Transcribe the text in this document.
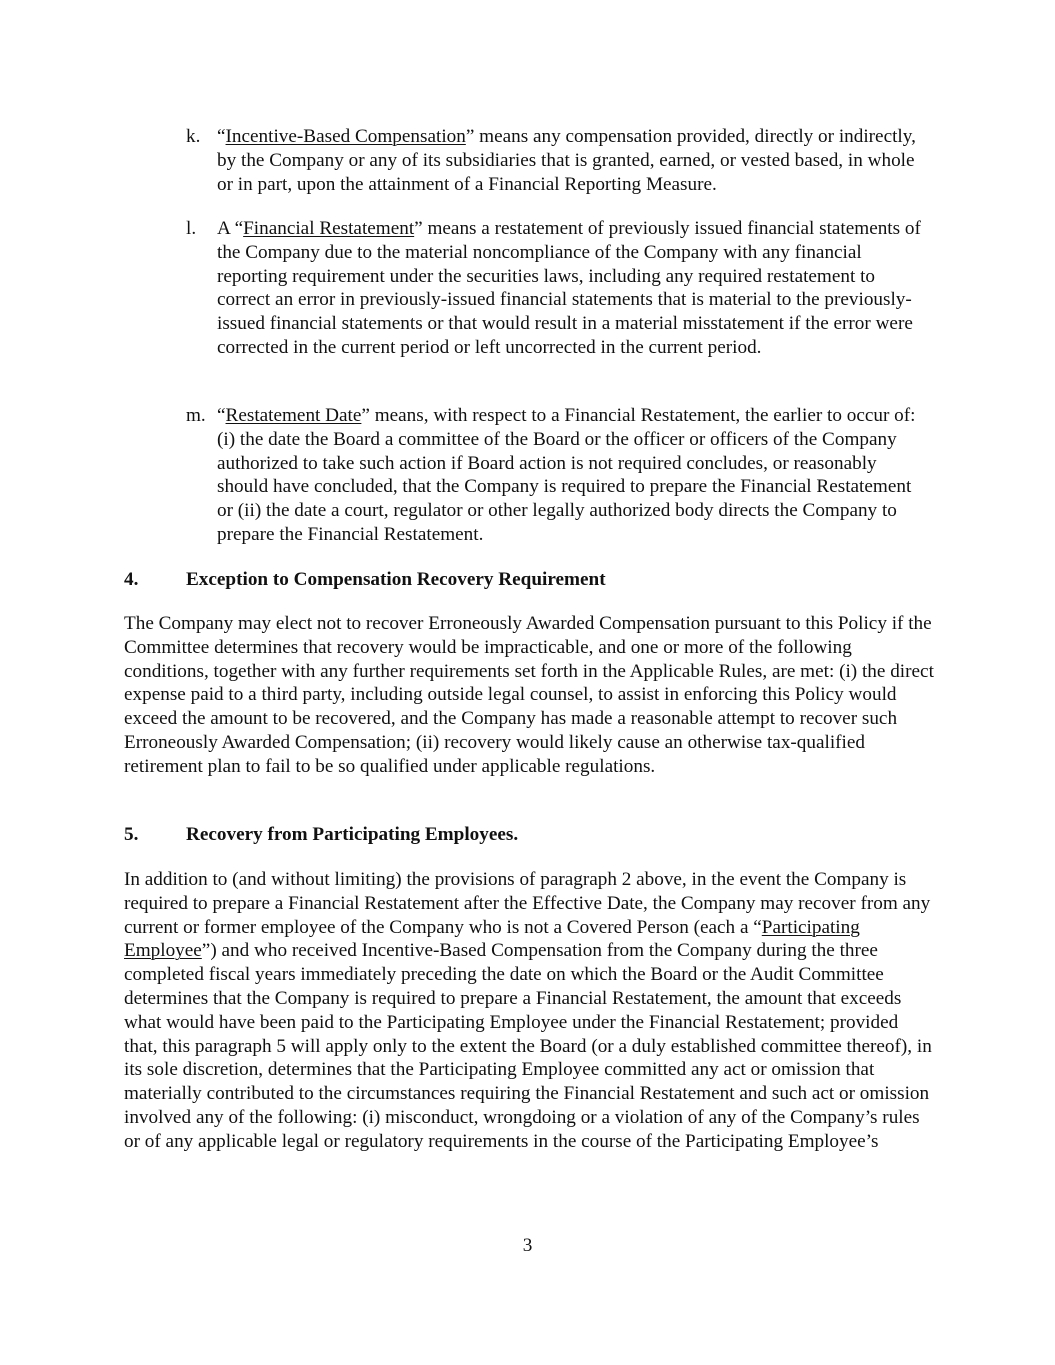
k. “Incentive-Based Compensation” means any compensation provided, directly or indirectly, by the Company or any of its subsidiaries that is granted, earned, or vested based, in whole or in part, upon the attainment of a Financial Reporting Measure.
l.	A “Financial Restatement” means a restatement of previously issued financial statements of the Company due to the material noncompliance of the Company with any financial reporting requirement under the securities laws, including any required restatement to correct an error in previously-issued financial statements that is material to the previously-issued financial statements or that would result in a material misstatement if the error were corrected in the current period or left uncorrected in the current period.
m. “Restatement Date” means, with respect to a Financial Restatement, the earlier to occur of: (i) the date the Board a committee of the Board or the officer or officers of the Company authorized to take such action if Board action is not required concludes, or reasonably should have concluded, that the Company is required to prepare the Financial Restatement or (ii) the date a court, regulator or other legally authorized body directs the Company to prepare the Financial Restatement.
4. Exception to Compensation Recovery Requirement
The Company may elect not to recover Erroneously Awarded Compensation pursuant to this Policy if the Committee determines that recovery would be impracticable, and one or more of the following conditions, together with any further requirements set forth in the Applicable Rules, are met: (i) the direct expense paid to a third party, including outside legal counsel, to assist in enforcing this Policy would exceed the amount to be recovered, and the Company has made a reasonable attempt to recover such Erroneously Awarded Compensation; (ii) recovery would likely cause an otherwise tax-qualified retirement plan to fail to be so qualified under applicable regulations.
5. Recovery from Participating Employees.
In addition to (and without limiting) the provisions of paragraph 2 above, in the event the Company is required to prepare a Financial Restatement after the Effective Date, the Company may recover from any current or former employee of the Company who is not a Covered Person (each a “Participating Employee”) and who received Incentive-Based Compensation from the Company during the three completed fiscal years immediately preceding the date on which the Board or the Audit Committee determines that the Company is required to prepare a Financial Restatement, the amount that exceeds what would have been paid to the Participating Employee under the Financial Restatement; provided that, this paragraph 5 will apply only to the extent the Board (or a duly established committee thereof), in its sole discretion, determines that the Participating Employee committed any act or omission that materially contributed to the circumstances requiring the Financial Restatement and such act or omission involved any of the following: (i) misconduct, wrongdoing or a violation of any of the Company’s rules or of any applicable legal or regulatory requirements in the course of the Participating Employee’s
3
